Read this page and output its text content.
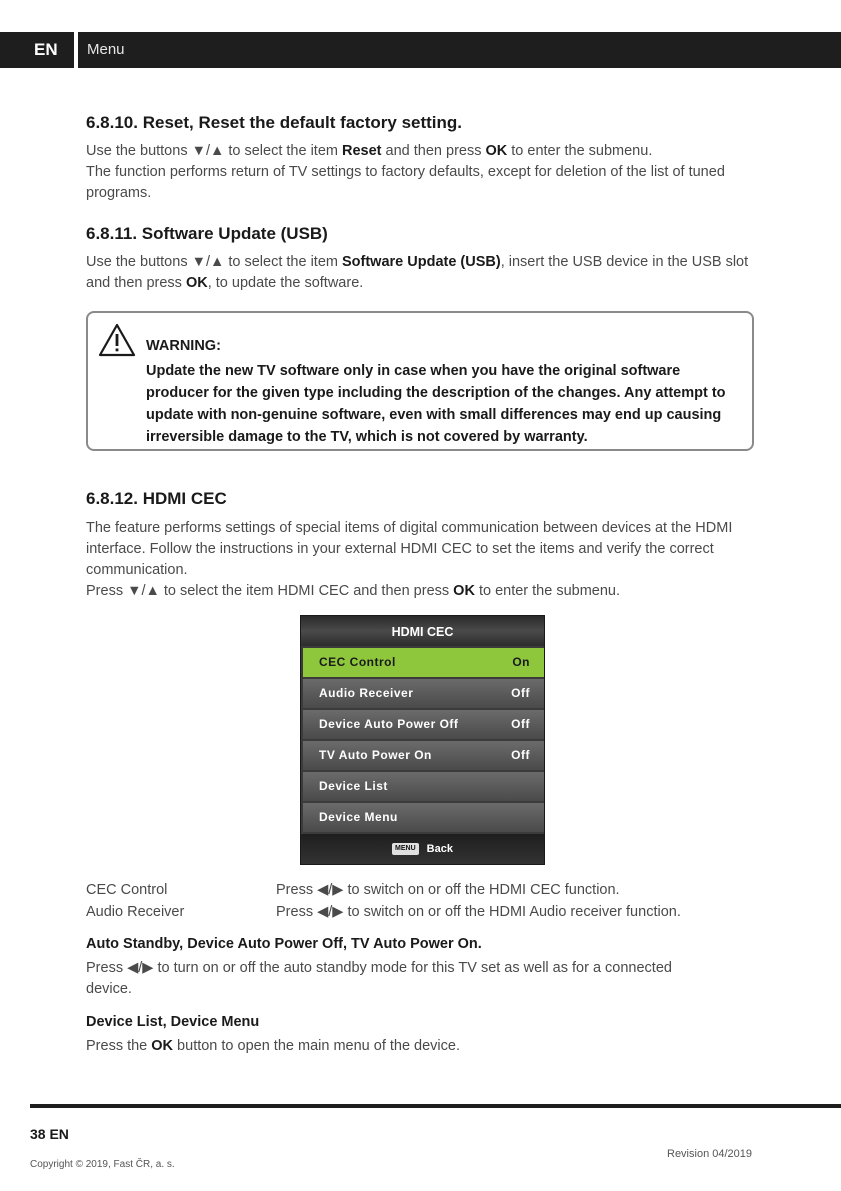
EN	Menu
6.8.10. Reset, Reset the default factory setting.
Use the buttons ▼/▲ to select the item Reset and then press OK to enter the submenu.
The function performs return of TV settings to factory defaults, except for deletion of the list of tuned programs.
6.8.11. Software Update (USB)
Use the buttons ▼/▲ to select the item Software Update (USB), insert the USB device in the USB slot and then press OK, to update the software.
WARNING:
Update the new TV software only in case when you have the original software producer for the given type including the description of the changes. Any attempt to update with non-genuine software, even with small differences may end up causing irreversible damage to the TV, which is not covered by warranty.
6.8.12. HDMI CEC
The feature performs settings of special items of digital communication between devices at the HDMI interface. Follow the instructions in your external HDMI CEC to set the items and verify the correct communication.
Press ▼/▲ to select the item HDMI CEC and then press OK to enter the submenu.
HDMI CEC
CEC Control	On
Audio Receiver	Off
Device Auto Power Off	Off
TV Auto Power On	Off
Device List
Device Menu
MENU Back
CEC Control	Press ◀/▶ to switch on or off the HDMI CEC function.
Audio Receiver	Press ◀/▶ to switch on or off the HDMI Audio receiver function.
Auto Standby, Device Auto Power Off, TV Auto Power On.
Press ◀/▶ to turn on or off the auto standby mode for this TV set as well as for a connected device.
Device List, Device Menu
Press the OK button to open the main menu of the device.
38 EN
Copyright © 2019, Fast ČR, a. s.
Revision 04/2019
